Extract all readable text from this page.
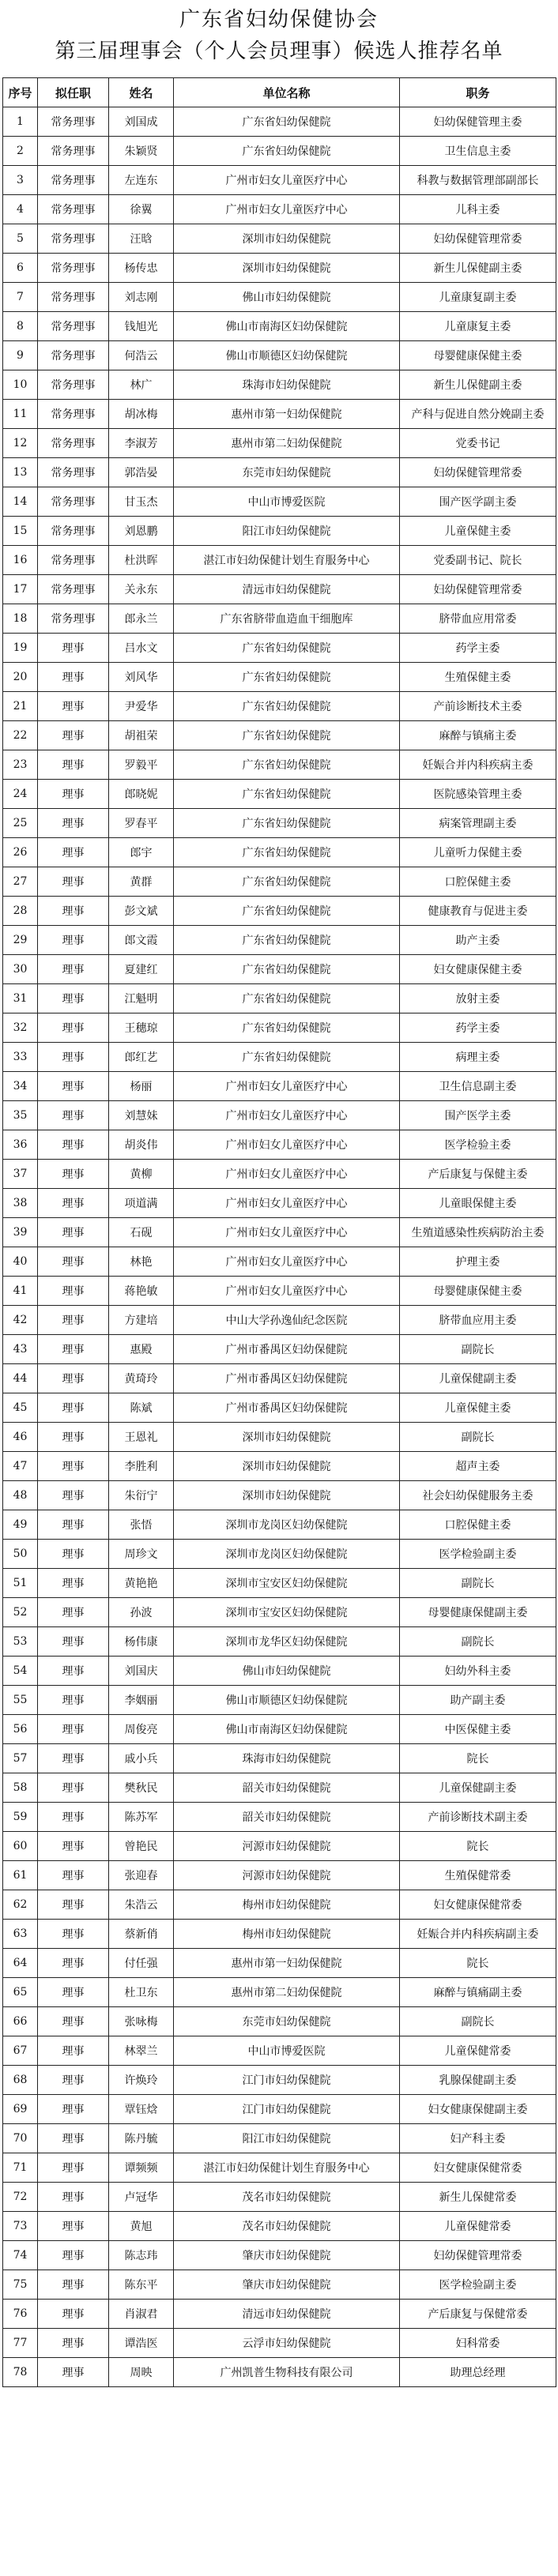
广东省妇幼保健协会
第三届理事会（个人会员理事）候选人推荐名单
序号	拟任职	姓名	单位名称	职务
1	常务理事	刘国成	广东省妇幼保健院	妇幼保健管理主委
2	常务理事	朱颖贤	广东省妇幼保健院	卫生信息主委
3	常务理事	左连东	广州市妇女儿童医疗中心	科教与数据管理部副部长
4	常务理事	徐翼	广州市妇女儿童医疗中心	儿科主委
5	常务理事	汪晗	深圳市妇幼保健院	妇幼保健管理常委
6	常务理事	杨传忠	深圳市妇幼保健院	新生儿保健副主委
7	常务理事	刘志刚	佛山市妇幼保健院	儿童康复副主委
8	常务理事	钱旭光	佛山市南海区妇幼保健院	儿童康复主委
9	常务理事	何浩云	佛山市顺德区妇幼保健院	母婴健康保健主委
10	常务理事	林广	珠海市妇幼保健院	新生儿保健副主委
11	常务理事	胡冰梅	惠州市第一妇幼保健院	产科与促进自然分娩副主委
12	常务理事	李淑芳	惠州市第二妇幼保健院	党委书记
13	常务理事	郭浩晏	东莞市妇幼保健院	妇幼保健管理常委
14	常务理事	甘玉杰	中山市博爱医院	围产医学副主委
15	常务理事	刘恩鹏	阳江市妇幼保健院	儿童保健主委
16	常务理事	杜洪晖	湛江市妇幼保健计划生育服务中心	党委副书记、院长
17	常务理事	关永东	清远市妇幼保健院	妇幼保健管理常委
18	常务理事	郎永兰	广东省脐带血造血干细胞库	脐带血应用常委
19	理事	吕水文	广东省妇幼保健院	药学主委
20	理事	刘风华	广东省妇幼保健院	生殖保健主委
21	理事	尹爱华	广东省妇幼保健院	产前诊断技术主委
22	理事	胡祖荣	广东省妇幼保健院	麻醉与镇痛主委
23	理事	罗毅平	广东省妇幼保健院	妊娠合并内科疾病主委
24	理事	郎晓妮	广东省妇幼保健院	医院感染管理主委
25	理事	罗春平	广东省妇幼保健院	病案管理副主委
26	理事	郎宇	广东省妇幼保健院	儿童听力保健主委
27	理事	黄群	广东省妇幼保健院	口腔保健主委
28	理事	彭文斌	广东省妇幼保健院	健康教育与促进主委
29	理事	郎文霞	广东省妇幼保健院	助产主委
30	理事	夏建红	广东省妇幼保健院	妇女健康保健主委
31	理事	江魁明	广东省妇幼保健院	放射主委
32	理事	王穗琼	广东省妇幼保健院	药学主委
33	理事	郎红艺	广东省妇幼保健院	病理主委
34	理事	杨丽	广州市妇女儿童医疗中心	卫生信息副主委
35	理事	刘慧妹	广州市妇女儿童医疗中心	围产医学主委
36	理事	胡炎伟	广州市妇女儿童医疗中心	医学检验主委
37	理事	黄柳	广州市妇女儿童医疗中心	产后康复与保健主委
38	理事	项道满	广州市妇女儿童医疗中心	儿童眼保健主委
39	理事	石砚	广州市妇女儿童医疗中心	生殖道感染性疾病防治主委
40	理事	林艳	广州市妇女儿童医疗中心	护理主委
41	理事	蒋艳敏	广州市妇女儿童医疗中心	母婴健康保健主委
42	理事	方建培	中山大学孙逸仙纪念医院	脐带血应用主委
43	理事	惠殿	广州市番禺区妇幼保健院	副院长
44	理事	黄琦玲	广州市番禺区妇幼保健院	儿童保健副主委
45	理事	陈斌	广州市番禺区妇幼保健院	儿童保健主委
46	理事	王恩礼	深圳市妇幼保健院	副院长
47	理事	李胜利	深圳市妇幼保健院	超声主委
48	理事	朱衍宁	深圳市妇幼保健院	社会妇幼保健服务主委
49	理事	张悟	深圳市龙岗区妇幼保健院	口腔保健主委
50	理事	周珍文	深圳市龙岗区妇幼保健院	医学检验副主委
51	理事	黄艳艳	深圳市宝安区妇幼保健院	副院长
52	理事	孙波	深圳市宝安区妇幼保健院	母婴健康保健副主委
53	理事	杨伟康	深圳市龙华区妇幼保健院	副院长
54	理事	刘国庆	佛山市妇幼保健院	妇幼外科主委
55	理事	李姻丽	佛山市顺德区妇幼保健院	助产副主委
56	理事	周俊亮	佛山市南海区妇幼保健院	中医保健主委
57	理事	戚小兵	珠海市妇幼保健院	院长
58	理事	樊秋民	韶关市妇幼保健院	儿童保健副主委
59	理事	陈苏军	韶关市妇幼保健院	产前诊断技术副主委
60	理事	曾艳民	河源市妇幼保健院	院长
61	理事	张迎春	河源市妇幼保健院	生殖保健常委
62	理事	朱浩云	梅州市妇幼保健院	妇女健康保健常委
63	理事	蔡新俏	梅州市妇幼保健院	妊娠合并内科疾病副主委
64	理事	付任强	惠州市第一妇幼保健院	院长
65	理事	杜卫东	惠州市第二妇幼保健院	麻醉与镇痛副主委
66	理事	张咏梅	东莞市妇幼保健院	副院长
67	理事	林翠兰	中山市博爱医院	儿童保健常委
68	理事	许焕玲	江门市妇幼保健院	乳腺保健副主委
69	理事	覃钰焓	江门市妇幼保健院	妇女健康保健副主委
70	理事	陈丹毓	阳江市妇幼保健院	妇产科主委
71	理事	谭频频	湛江市妇幼保健计划生育服务中心	妇女健康保健常委
72	理事	卢冠华	茂名市妇幼保健院	新生儿保健常委
73	理事	黄旭	茂名市妇幼保健院	儿童保健常委
74	理事	陈志玮	肇庆市妇幼保健院	妇幼保健管理常委
75	理事	陈东平	肇庆市妇幼保健院	医学检验副主委
76	理事	肖淑君	清远市妇幼保健院	产后康复与保健常委
77	理事	谭浩医	云浮市妇幼保健院	妇科常委
78	理事	周映	广州凯普生物科技有限公司	助理总经理
